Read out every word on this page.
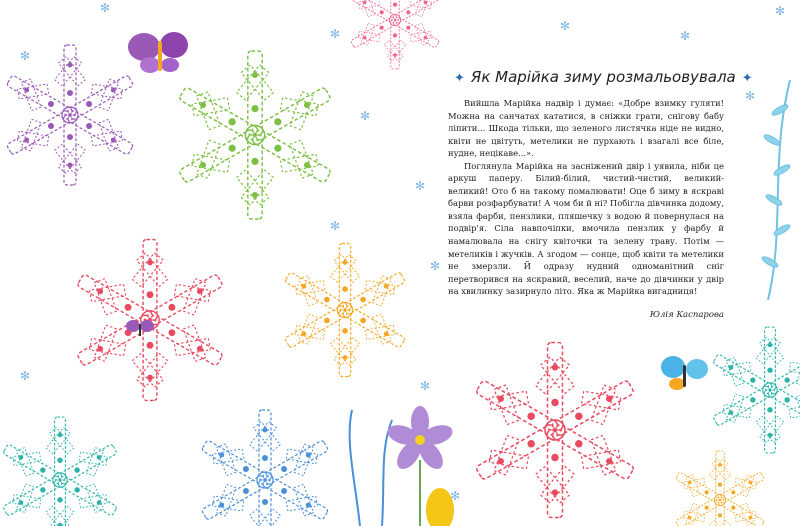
✻
✻
✻
✻
✻
✻
✻
✻
✻
✻
✻
✻
✻
✻
✦ Як Марійка зиму розмальовувала ✦

Вийшла Марійка надвір і думає: «Добре взимку гуляти! Можна на санчатах кататися, в сніжки грати, снігову бабу ліпити... Шкода тільки, що зеленого листячка ніде не видно, квіти не цвітуть, метелики не пурхають і взагалі все біле, нудне, нецікаве...».

Поглянула Марійка на засніжений двір і уявила, ніби це аркуш паперу. Білий-білий, чистий-чистий, великий-великий! Ото б на такому помалювати! Оце б зиму в яскраві барви розфарбувати! А чом би й ні? Побігла дівчинка додому, взяла фарби, пензлики, пляшечку з водою й повернулася на подвір'я. Сіла навпочіпки, вмочила пензлик у фарбу й намалювала на снігу квіточки та зелену траву. Потім — метеликів і жучків. А згодом — сонце, щоб квіти та метелики не змерзли. Й одразу нудний одноманітний сніг перетворився на яскравий, веселий, наче до дівчинки у двір на хвилинку зазирнуло літо. Яка ж Марійка вигадниця!

Юлія Каспарова
